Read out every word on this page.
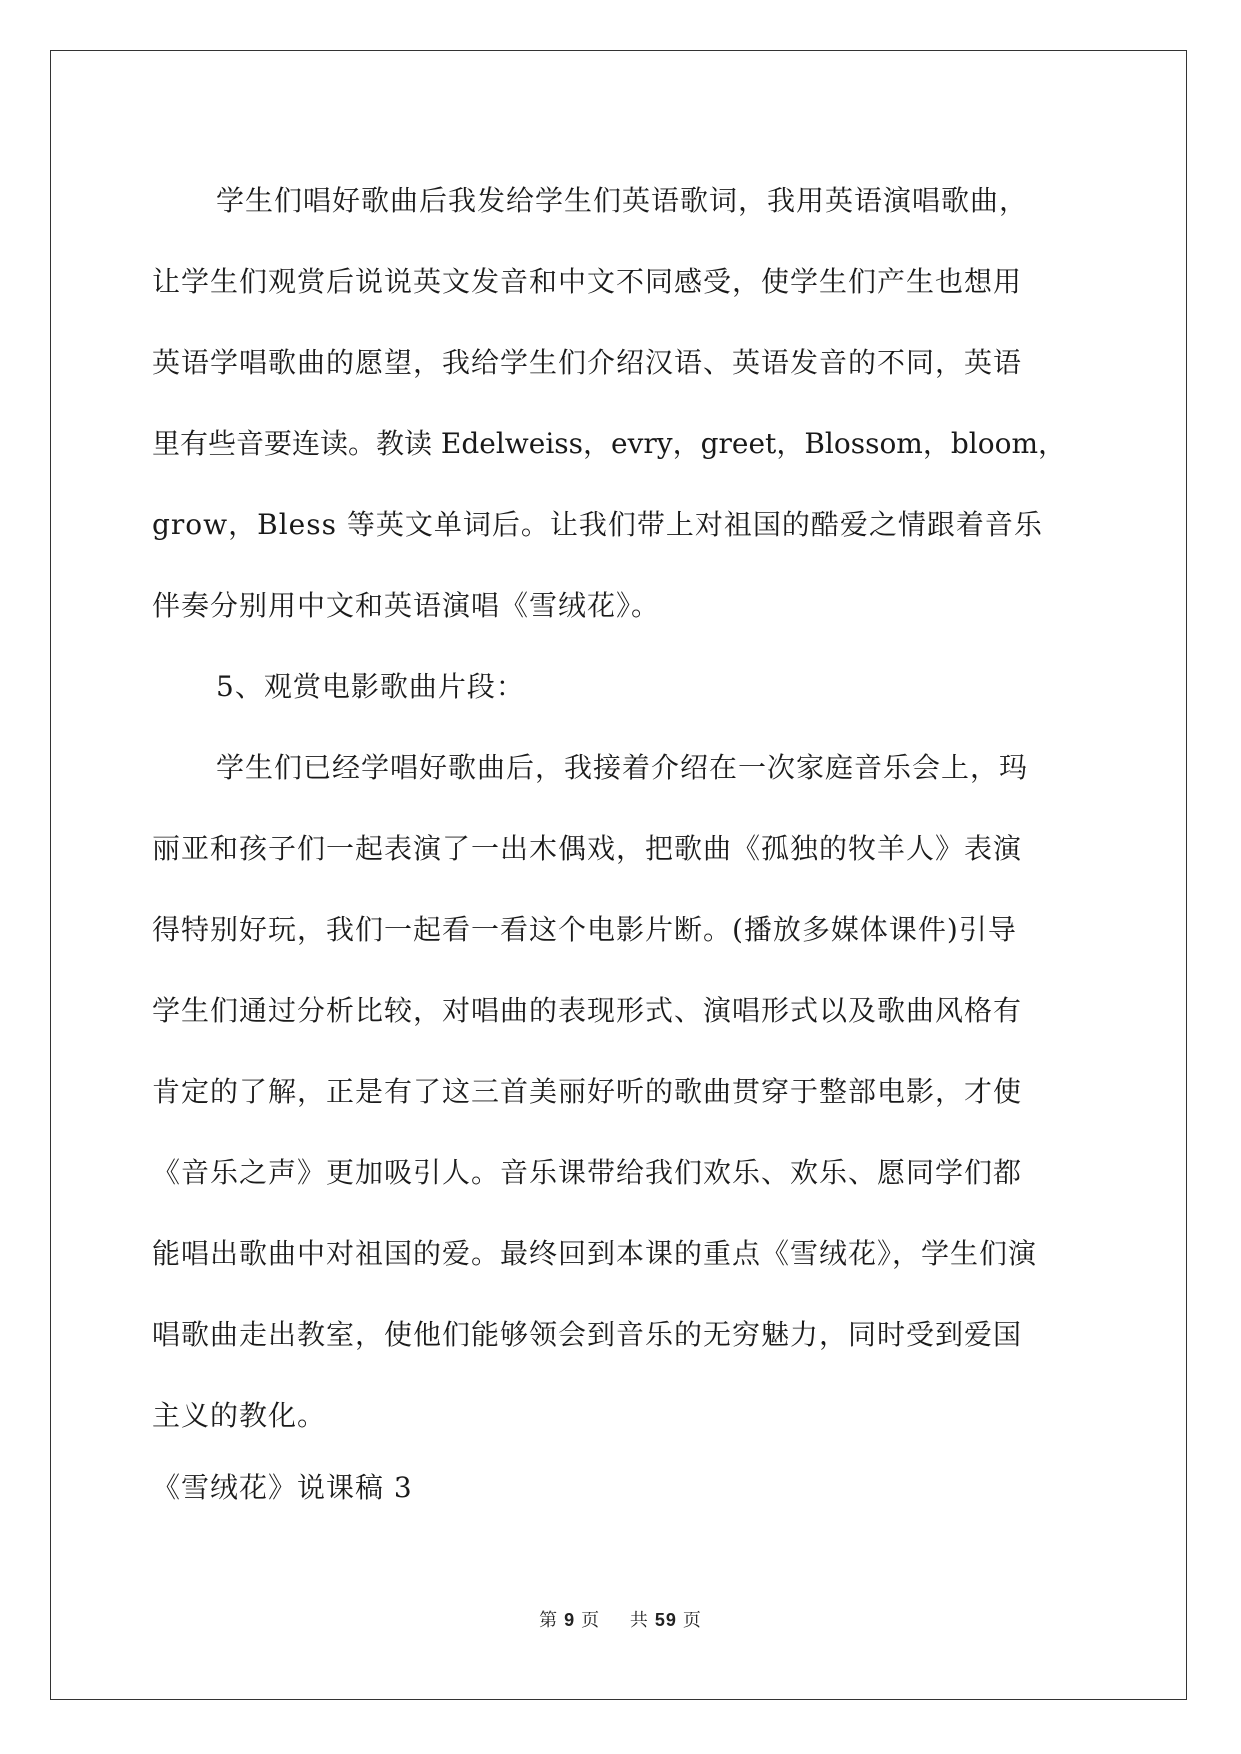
学生们唱好歌曲后我发给学生们英语歌词，我用英语演唱歌曲，
让学生们观赏后说说英文发音和中文不同感受，使学生们产生也想用
英语学唱歌曲的愿望，我给学生们介绍汉语、英语发音的不同，英语
里有些音要连读。教读 Edelweiss，evry，greet，Blossom，bloom，
grow，Bless 等英文单词后。让我们带上对祖国的酷爱之情跟着音乐
伴奏分别用中文和英语演唱《雪绒花》。

5、观赏电影歌曲片段：

学生们已经学唱好歌曲后，我接着介绍在一次家庭音乐会上，玛
丽亚和孩子们一起表演了一出木偶戏，把歌曲《孤独的牧羊人》表演
得特别好玩，我们一起看一看这个电影片断。(播放多媒体课件)引导
学生们通过分析比较，对唱曲的表现形式、演唱形式以及歌曲风格有
肯定的了解，正是有了这三首美丽好听的歌曲贯穿于整部电影，才使
《音乐之声》更加吸引人。音乐课带给我们欢乐、欢乐、愿同学们都
能唱出歌曲中对祖国的爱。最终回到本课的重点《雪绒花》，学生们演
唱歌曲走出教室，使他们能够领会到音乐的无穷魅力，同时受到爱国
主义的教化。

《雪绒花》说课稿 3

第 9 页 共 59 页
